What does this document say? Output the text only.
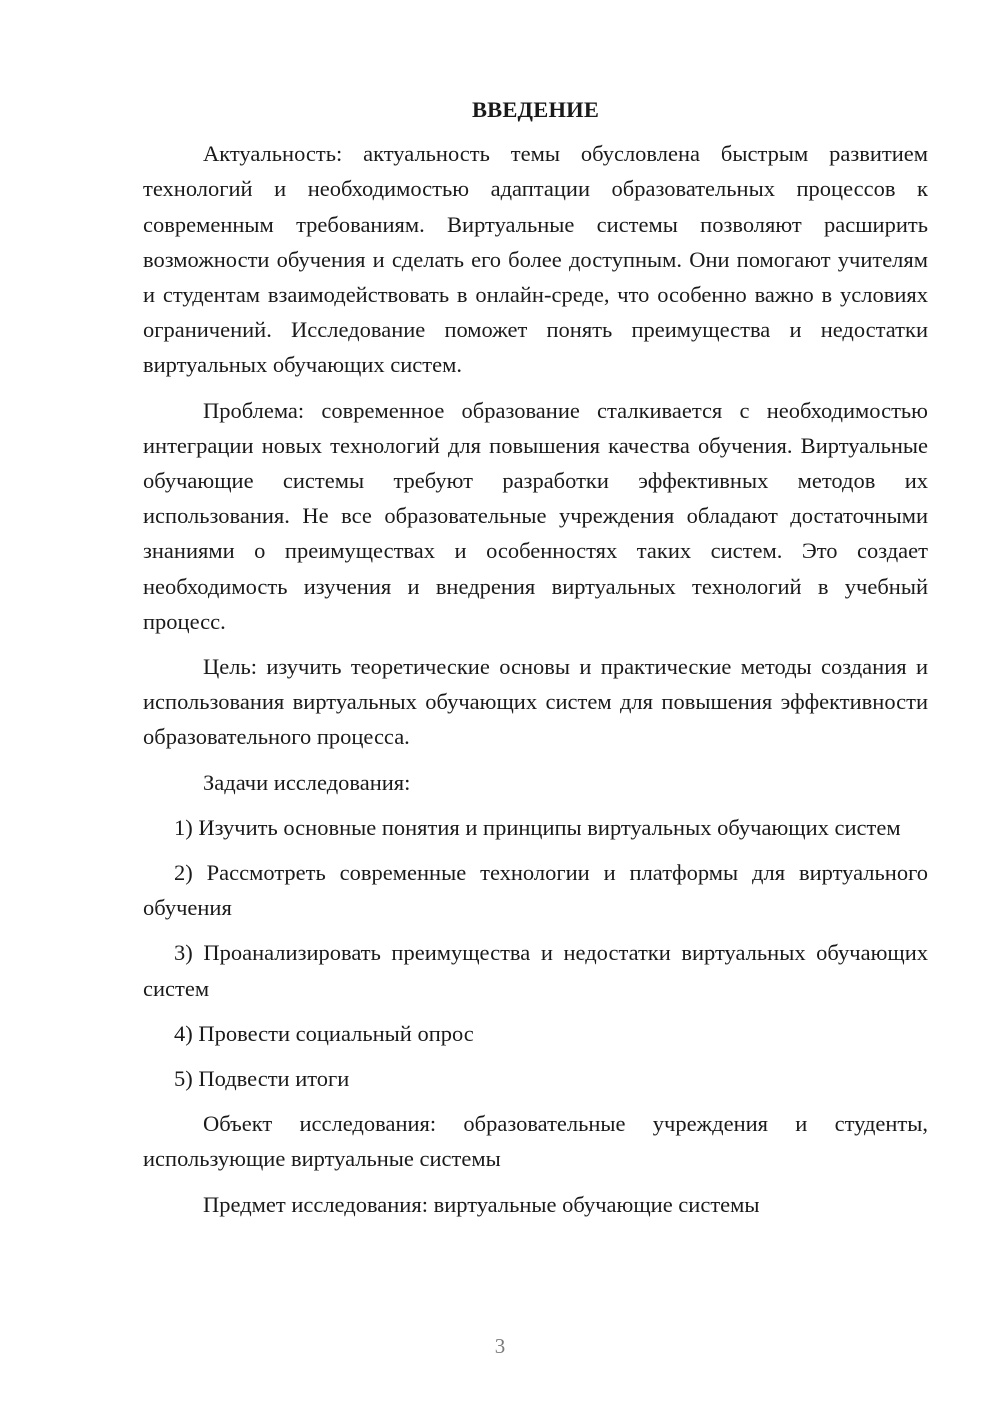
ВВЕДЕНИЕ

Актуальность: актуальность темы обусловлена быстрым развитием технологий и необходимостью адаптации образовательных процессов к современным требованиям. Виртуальные системы позволяют расширить возможности обучения и сделать его более доступным. Они помогают учителям и студентам взаимодействовать в онлайн-среде, что особенно важно в условиях ограничений. Исследование поможет понять преимущества и недостатки виртуальных обучающих систем.

Проблема: современное образование сталкивается с необходимостью интеграции новых технологий для повышения качества обучения. Виртуальные обучающие системы требуют разработки эффективных методов их использования. Не все образовательные учреждения обладают достаточными знаниями о преимуществах и особенностях таких систем. Это создает необходимость изучения и внедрения виртуальных технологий в учебный процесс.

Цель: изучить теоретические основы и практические методы создания и использования виртуальных обучающих систем для повышения эффективности образовательного процесса.

Задачи исследования:

1) Изучить основные понятия и принципы виртуальных обучающих систем

2) Рассмотреть современные технологии и платформы для виртуального обучения

3) Проанализировать преимущества и недостатки виртуальных обучающих систем

4) Провести социальный опрос

5) Подвести итоги

Объект исследования: образовательные учреждения и студенты, использующие виртуальные системы

Предмет исследования: виртуальные обучающие системы

3
